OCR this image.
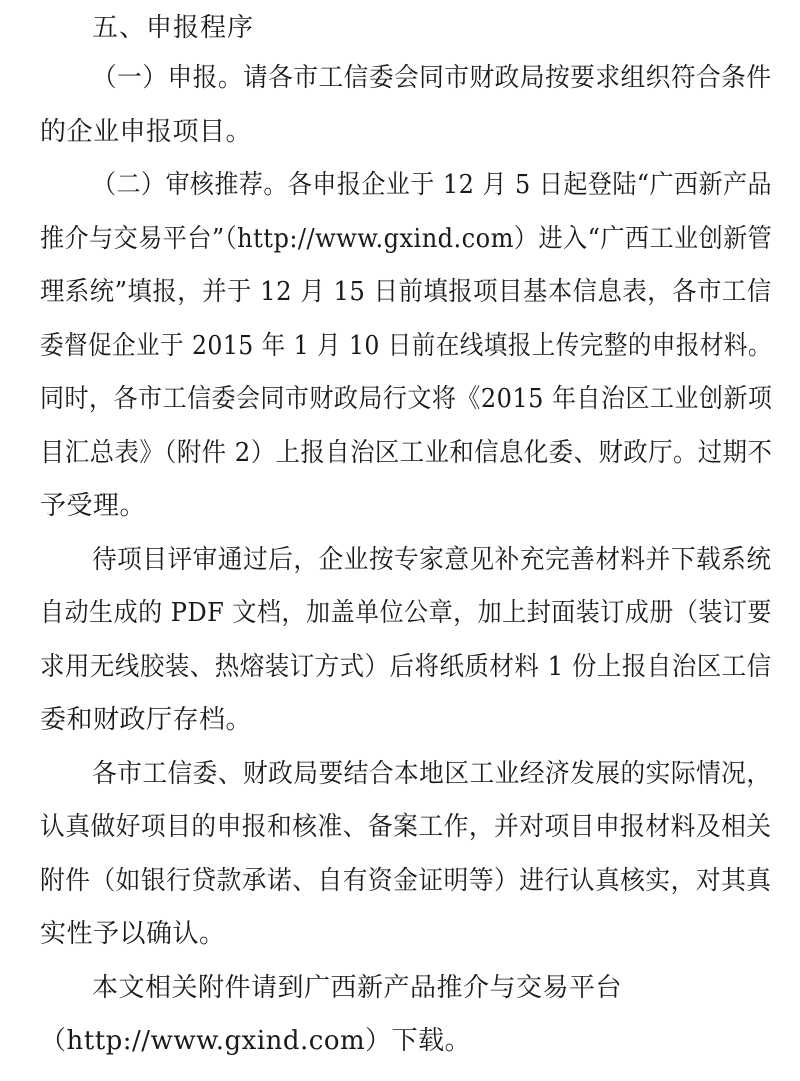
五、申报程序
（一）申报。请各市工信委会同市财政局按要求组织符合条件
的企业申报项目。
（二）审核推荐。各申报企业于 12 月 5 日起登陆“广西新产品
推介与交易平台”（http://www.gxind.com）进入“广西工业创新管
理系统”填报，并于 12 月 15 日前填报项目基本信息表，各市工信
委督促企业于 2015 年 1 月 10 日前在线填报上传完整的申报材料。
同时，各市工信委会同市财政局行文将《2015 年自治区工业创新项
目汇总表》（附件 2）上报自治区工业和信息化委、财政厅。过期不
予受理。
待项目评审通过后，企业按专家意见补充完善材料并下载系统
自动生成的 PDF 文档，加盖单位公章，加上封面装订成册（装订要
求用无线胶装、热熔装订方式）后将纸质材料 1 份上报自治区工信
委和财政厅存档。
各市工信委、财政局要结合本地区工业经济发展的实际情况，
认真做好项目的申报和核准、备案工作，并对项目申报材料及相关
附件（如银行贷款承诺、自有资金证明等）进行认真核实，对其真
实性予以确认。
本文相关附件请到广西新产品推介与交易平台
（http://www.gxind.com）下载。
